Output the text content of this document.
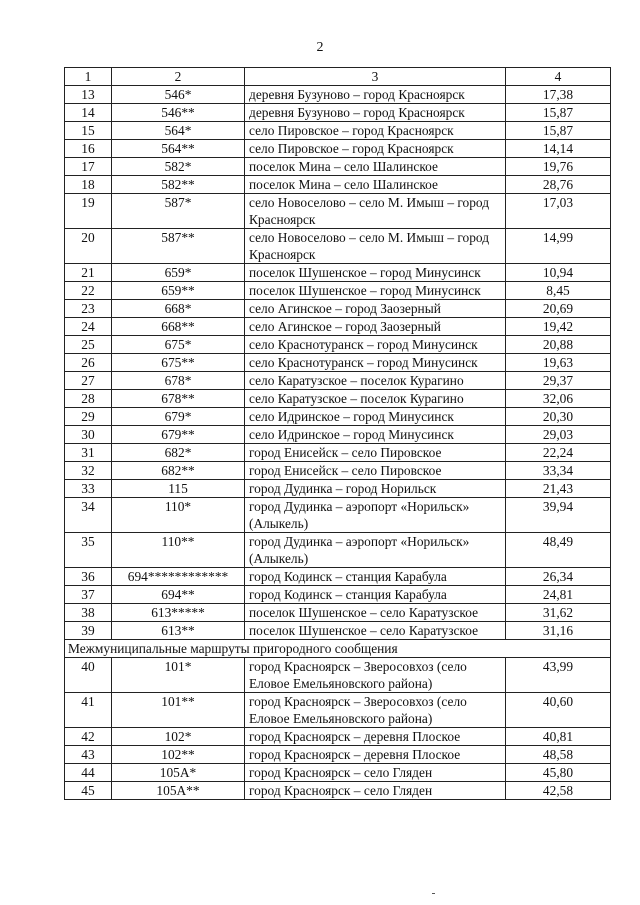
2
1	2	3	4
13	546*	деревня Бузуново – город Красноярск	17,38
14	546**	деревня Бузуново – город Красноярск	15,87
15	564*	село Пировское – город Красноярск	15,87
16	564**	село Пировское – город Красноярск	14,14
17	582*	поселок Мина – село Шалинское	19,76
18	582**	поселок Мина – село Шалинское	28,76
19	587*	село Новоселово – село М. Имыш – город Красноярск	17,03
20	587**	село Новоселово – село М. Имыш – город Красноярск	14,99
21	659*	поселок Шушенское – город Минусинск	10,94
22	659**	поселок Шушенское – город Минусинск	8,45
23	668*	село Агинское – город Заозерный	20,69
24	668**	село Агинское – город Заозерный	19,42
25	675*	село Краснотуранск – город Минусинск	20,88
26	675**	село Краснотуранск – город Минусинск	19,63
27	678*	село Каратузское – поселок Курагино	29,37
28	678**	село Каратузское – поселок Курагино	32,06
29	679*	село Идринское – город Минусинск	20,30
30	679**	село Идринское – город Минусинск	29,03
31	682*	город Енисейск – село Пировское	22,24
32	682**	город Енисейск – село Пировское	33,34
33	115	город Дудинка – город Норильск	21,43
34	110*	город Дудинка – аэропорт «Норильск» (Алыкель)	39,94
35	110**	город Дудинка – аэропорт «Норильск» (Алыкель)	48,49
36	694************	город Кодинск – станция Карабула	26,34
37	694**	город Кодинск – станция Карабула	24,81
38	613*****	поселок Шушенское – село Каратузское	31,62
39	613**	поселок Шушенское – село Каратузское	31,16
Межмуниципальные маршруты пригородного сообщения			
40	101*	город Красноярск – Зверосовхоз (село Еловое Емельяновского района)	43,99
41	101**	город Красноярск – Зверосовхоз (село Еловое Емельяновского района)	40,60
42	102*	город Красноярск – деревня Плоское	40,81
43	102**	город Красноярск – деревня Плоское	48,58
44	105А*	город Красноярск – село Гляден	45,80
45	105А**	город Красноярск – село Гляден	42,58
